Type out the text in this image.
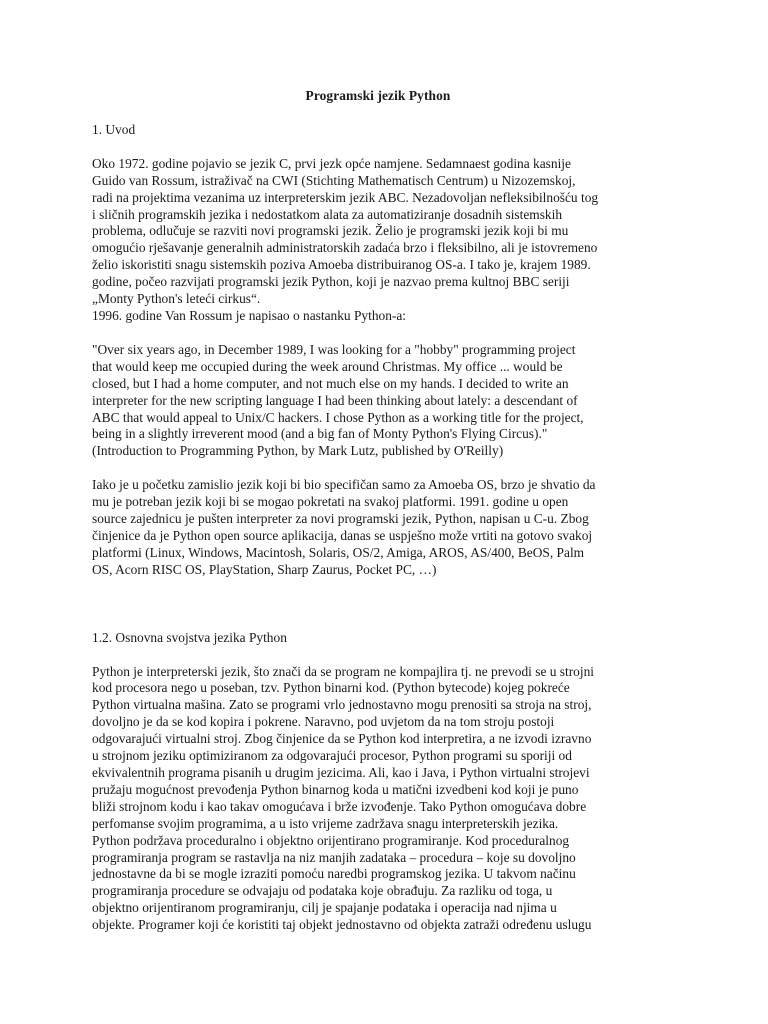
Programski jezik Python
1. Uvod
Oko 1972. godine pojavio se jezik C, prvi jezk opće namjene. Sedamnaest godina kasnije
Guido van Rossum, istraživač na CWI (Stichting Mathematisch Centrum) u Nizozemskoj,
radi na projektima vezanima uz interpreterskim jezik ABC. Nezadovoljan nefleksibilnošću tog
i sličnih programskih jezika i nedostatkom alata za automatiziranje dosadnih sistemskih
problema, odlučuje se razviti novi programski jezik. Želio je programski jezik koji bi mu
omogućio rješavanje generalnih administratorskih zadaća brzo i fleksibilno, ali je istovremeno
želio iskoristiti snagu sistemskih poziva Amoeba distribuiranog OS-a. I tako je, krajem 1989.
godine, počeo razvijati programski jezik Python, koji je nazvao prema kultnoj BBC seriji
„Monty Python's leteći cirkus“.
1996. godine Van Rossum je napisao o nastanku Python-a:
"Over six years ago, in December 1989, I was looking for a "hobby" programming project
that would keep me occupied during the week around Christmas. My office ... would be
closed, but I had a home computer, and not much else on my hands. I decided to write an
interpreter for the new scripting language I had been thinking about lately: a descendant of
ABC that would appeal to Unix/C hackers. I chose Python as a working title for the project,
being in a slightly irreverent mood (and a big fan of Monty Python's Flying Circus)."
(Introduction to Programming Python, by Mark Lutz, published by O'Reilly)
Iako je u početku zamislio jezik koji bi bio specifičan samo za Amoeba OS, brzo je shvatio da
mu je potreban jezik koji bi se mogao pokretati na svakoj platformi. 1991. godine u open
source zajednicu je pušten interpreter za novi programski jezik, Python, napisan u C-u. Zbog
činjenice da je Python open source aplikacija, danas se uspješno može vrtiti na gotovo svakoj
platformi (Linux, Windows, Macintosh, Solaris, OS/2, Amiga, AROS, AS/400, BeOS, Palm
OS, Acorn RISC OS, PlayStation, Sharp Zaurus, Pocket PC, …)
1.2. Osnovna svojstva jezika Python
Python je interpreterski jezik, što znači da se program ne kompajlira tj. ne prevodi se u strojni
kod procesora nego u poseban, tzv. Python binarni kod. (Python bytecode) kojeg pokreće
Python virtualna mašina. Zato se programi vrlo jednostavno mogu prenositi sa stroja na stroj,
dovoljno je da se kod kopira i pokrene. Naravno, pod uvjetom da na tom stroju postoji
odgovarajući virtualni stroj. Zbog činjenice da se Python kod interpretira, a ne izvodi izravno
u strojnom jeziku optimiziranom za odgovarajući procesor, Python programi su sporiji od
ekvivalentnih programa pisanih u drugim jezicima. Ali, kao i Java, i Python virtualni strojevi
pružaju mogućnost prevođenja Python binarnog koda u matični izvedbeni kod koji je puno
bliži strojnom kodu i kao takav omogućava i brže izvođenje. Tako Python omogućava dobre
perfomanse svojim programima, a u isto vrijeme zadržava snagu interpreterskih jezika.
Python podržava proceduralno i objektno orijentirano programiranje. Kod proceduralnog
programiranja program se rastavlja na niz manjih zadataka – procedura – koje su dovoljno
jednostavne da bi se mogle izraziti pomoću naredbi programskog jezika. U takvom načinu
programiranja procedure se odvajaju od podataka koje obrađuju. Za razliku od toga, u
objektno orijentiranom programiranju, cilj je spajanje podataka i operacija nad njima u
objekte. Programer koji će koristiti taj objekt jednostavno od objekta zatraži određenu uslugu
